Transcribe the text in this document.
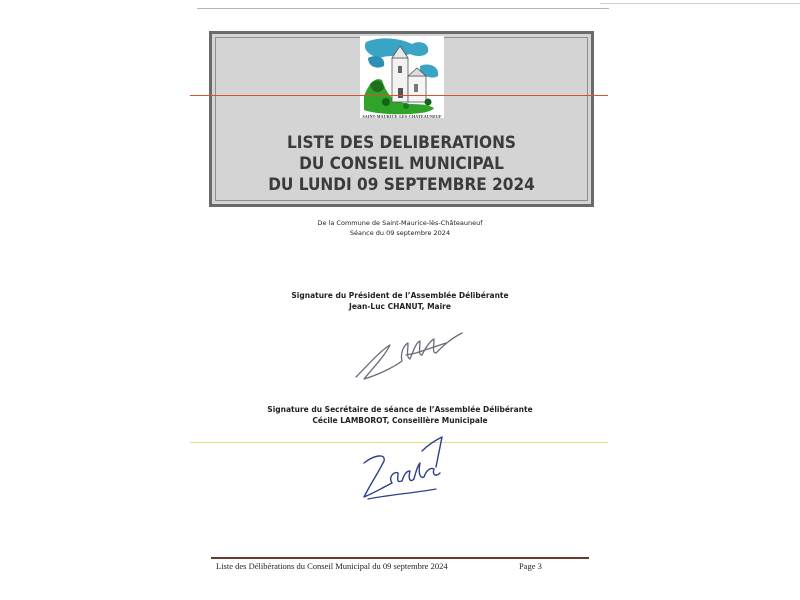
SAINT-MAURICE-LES-CHATEAUNEUF
LISTE DES DELIBERATIONS
DU CONSEIL MUNICIPAL
DU LUNDI 09 SEPTEMBRE 2024
De la Commune de Saint-Maurice-lès-Châteauneuf
Séance du 09 septembre 2024
Signature du Président de l’Assemblée Délibérante
Jean-Luc CHANUT, Maire
Signature du Secrétaire de séance de l’Assemblée Délibérante
Cécile LAMBOROT, Conseillère Municipale
Liste des Délibérations du Conseil Municipal du 09 septembre 2024	Page 3
